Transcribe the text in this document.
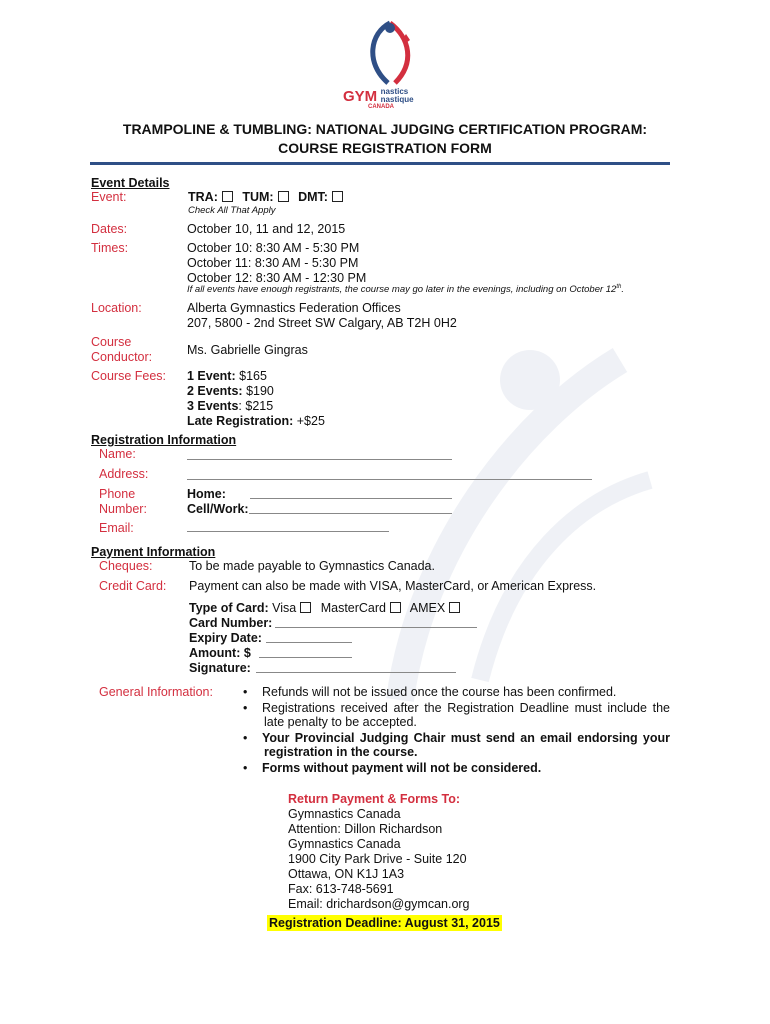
GYM nastics
nastique
CANADA
TRAMPOLINE & TUMBLING: NATIONAL JUDGING CERTIFICATION PROGRAM:
COURSE REGISTRATION FORM
Event Details
Event:	TRA: TUM: DMT:
Check All That Apply
Dates:	October 10, 11 and 12, 2015
Times:	October 10: 8:30 AM - 5:30 PM
October 11: 8:30 AM - 5:30 PM
October 12: 8:30 AM - 12:30 PM
If all events have enough registrants, the course may go later in the evenings, including on October 12th.
Location:	Alberta Gymnastics Federation Offices
207, 5800 - 2nd Street SW Calgary, AB T2H 0H2
Course
Conductor:	Ms. Gabrielle Gingras
Course Fees: 1 Event: $165
2 Events: $190
3 Events: $215
Late Registration: +$25
Registration Information
Name:
Address:
Phone
Number:
Home:
Cell/Work:
Email:
Payment Information
Cheques:	To be made payable to Gymnastics Canada.
Credit Card: Payment can also be made with VISA, MasterCard, or American Express.
Type of Card: Visa MasterCard AMEX
Card Number:
Expiry Date:
Amount: $
Signature:
General Information: • Refunds will not be issued once the course has been confirmed.
• Registrations received after the Registration Deadline must include the
late penalty to be accepted.
• Your Provincial Judging Chair must send an email endorsing your
registration in the course.
• Forms without payment will not be considered.
Return Payment & Forms To:
Gymnastics Canada
Attention: Dillon Richardson
Gymnastics Canada
1900 City Park Drive - Suite 120
Ottawa, ON K1J 1A3
Fax: 613-748-5691
Email: drichardson@gymcan.org
Registration Deadline: August 31, 2015
